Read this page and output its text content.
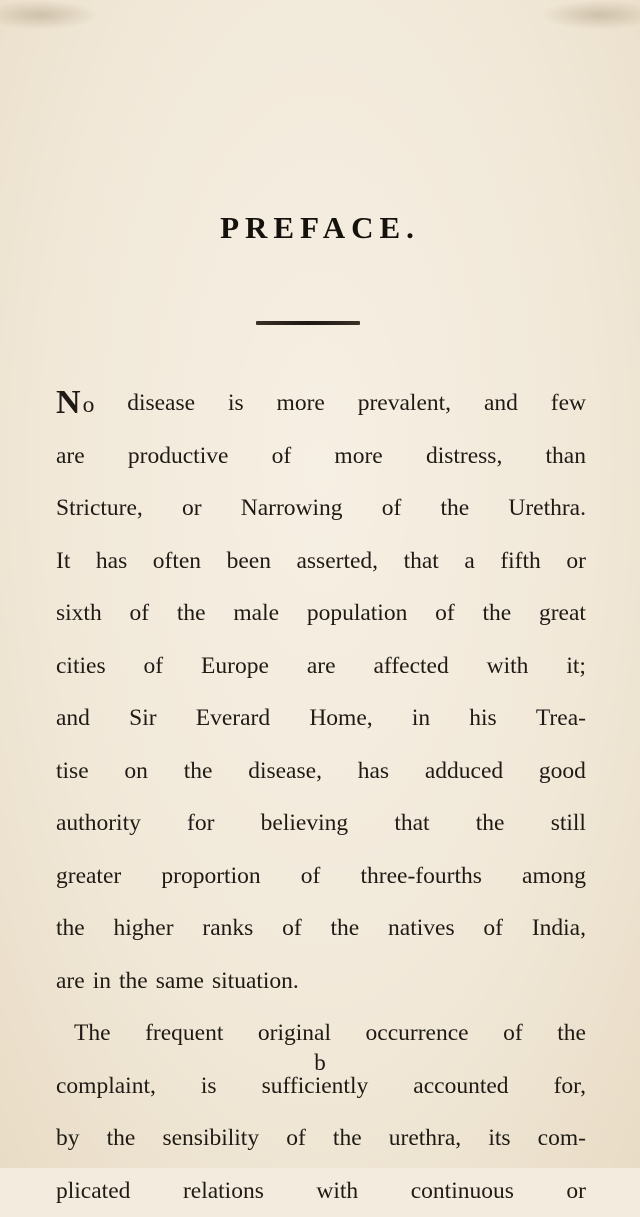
PREFACE.
No disease is more prevalent, and few
are productive of more distress, than
Stricture, or Narrowing of the Urethra.
It has often been asserted, that a fifth or
sixth of the male population of the great
cities of Europe are affected with it;
and Sir Everard Home, in his Trea-
tise on the disease, has adduced good
authority for believing that the still
greater proportion of three-fourths among
the higher ranks of the natives of India,
are in the same situation.
The frequent original occurrence of the
complaint, is sufficiently accounted for,
by the sensibility of the urethra, its com-
plicated relations with continuous or
b
